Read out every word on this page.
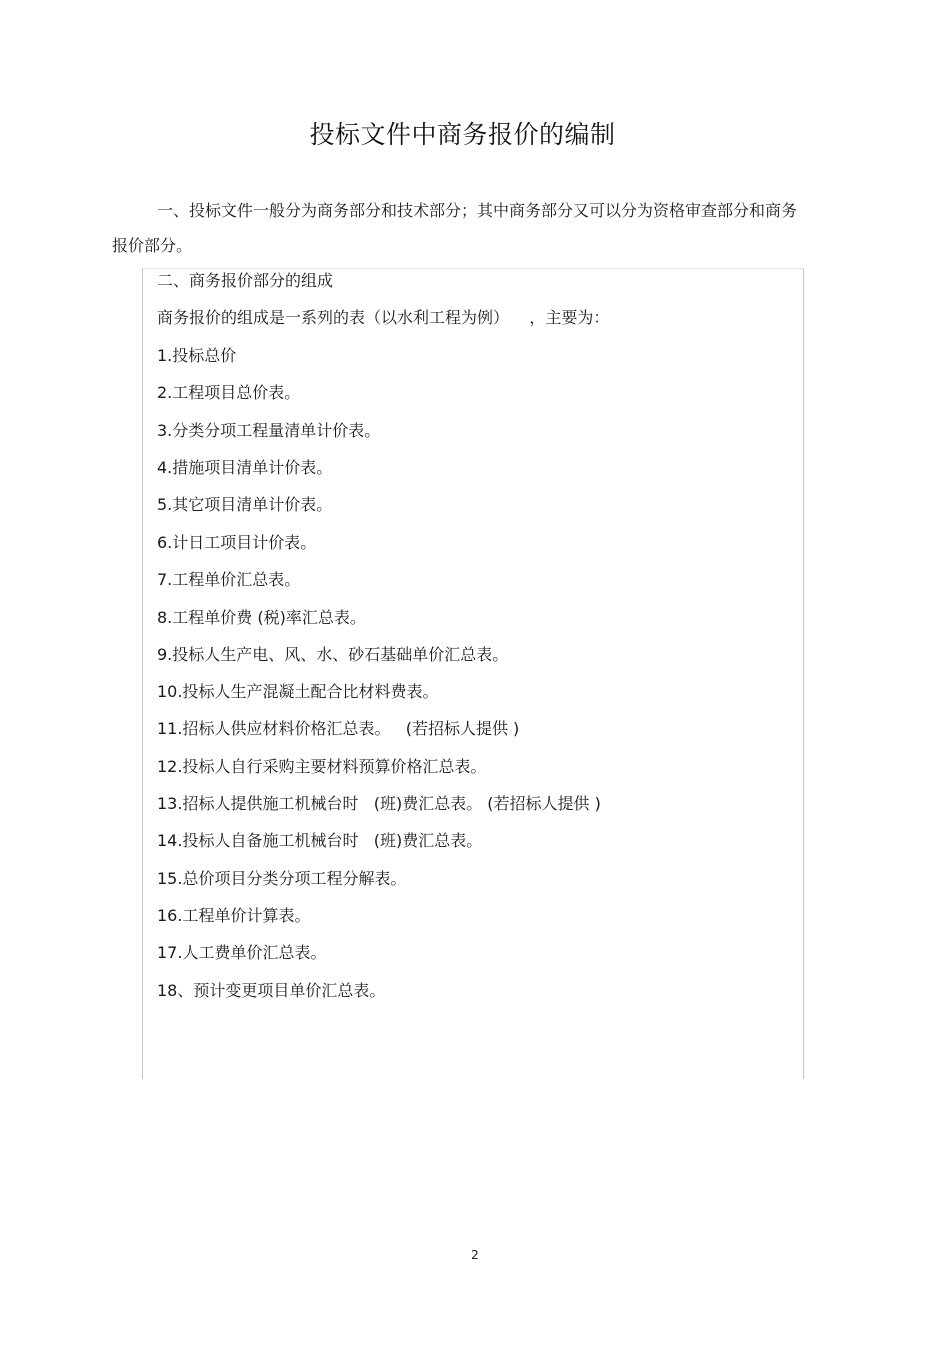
投标文件中商务报价的编制

一、投标文件一般分为商务部分和技术部分；其中商务部分又可以分为资格审查部分和商务报价部分。

二、商务报价部分的组成
商务报价的组成是一系列的表（以水利工程为例）    ，主要为：
1.投标总价
2.工程项目总价表。
3.分类分项工程量清单计价表。
4.措施项目清单计价表。
5.其它项目清单计价表。
6.计日工项目计价表。
7.工程单价汇总表。
8.工程单价费 (税)率汇总表。
9.投标人生产电、风、水、砂石基础单价汇总表。
10.投标人生产混凝土配合比材料费表。
11.招标人供应材料价格汇总表。   (若招标人提供 )
12.投标人自行采购主要材料预算价格汇总表。
13.招标人提供施工机械台时   (班)费汇总表。 (若招标人提供 )
14.投标人自备施工机械台时   (班)费汇总表。
15.总价项目分类分项工程分解表。
16.工程单价计算表。
17.人工费单价汇总表。
18、预计变更项目单价汇总表。
2
